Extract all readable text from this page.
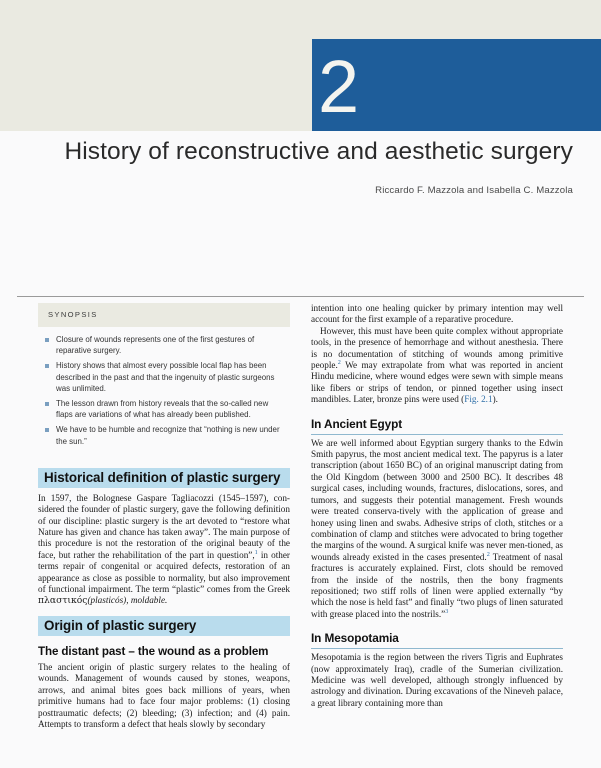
2
History of reconstructive and aesthetic surgery
Riccardo F. Mazzola and Isabella C. Mazzola
SYNOPSIS
Closure of wounds represents one of the first gestures of reparative surgery.
History shows that almost every possible local flap has been described in the past and that the ingenuity of plastic surgeons was unlimited.
The lesson drawn from history reveals that the so-called new flaps are variations of what has already been published.
We have to be humble and recognize that “nothing is new under the sun.”
Historical definition of plastic surgery

In 1597, the Bolognese Gaspare Tagliacozzi (1545–1597), con-sidered the founder of plastic surgery, gave the following definition of our discipline: plastic surgery is the art devoted to “restore what Nature has given and chance has taken away”. The main purpose of this procedure is not the restoration of the original beauty of the face, but rather the rehabilitation of the part in question”,$^1$ in other terms repair of congenital or acquired defects, restoration of an appearance as close as possible to normality, but also improvement of functional impairment. The term “plastic” comes from the Greek πλαστικός(plasticós), moldable.

Origin of plastic surgery
The distant past – the wound as a problem

The ancient origin of plastic surgery relates to the healing of wounds. Management of wounds caused by stones, weapons, arrows, and animal bites goes back millions of years, when primitive humans had to face four major problems: (1) closing posttraumatic defects; (2) bleeding; (3) infection; and (4) pain. Attempts to transform a defect that heals slowly by secondary

intention into one healing quicker by primary intention may well account for the first example of a reparative procedure.

However, this must have been quite complex without appropriate tools, in the presence of hemorrhage and without anesthesia. There is no documentation of stitching of wounds among primitive people.$^2$ We may extrapolate from what was reported in ancient Hindu medicine, where wound edges were sewn with simple means like fibers or strips of tendon, or pinned together using insect mandibles. Later, bronze pins were used (Fig. 2.1).

In Ancient Egypt

We are well informed about Egyptian surgery thanks to the Edwin Smith papyrus, the most ancient medical text. The papyrus is a later transcription (about 1650 BC) of an original manuscript dating from the Old Kingdom (between 3000 and 2500 BC). It describes 48 surgical cases, including wounds, fractures, dislocations, sores, and tumors, and suggests their potential management. Fresh wounds were treated conserva-tively with the application of grease and honey using linen and swabs. Adhesive strips of cloth, stitches or a combination of clamp and stitches were advocated to bring together the margins of the wound. A surgical knife was never men-tioned, as wounds already existed in the cases presented.$^2$ Treatment of nasal fractures is accurately explained. First, clots should be removed from the inside of the nostrils, then the bony fragments repositioned; two stiff rolls of linen were applied externally “by which the nose is held fast” and finally “two plugs of linen saturated with grease placed into the nostrils.”$^3$

In Mesopotamia

Mesopotamia is the region between the rivers Tigris and Euphrates (now approximately Iraq), cradle of the Sumerian civilization. Medicine was well developed, although strongly influenced by astrology and divination. During excavations of the Nineveh palace, a great library containing more than
